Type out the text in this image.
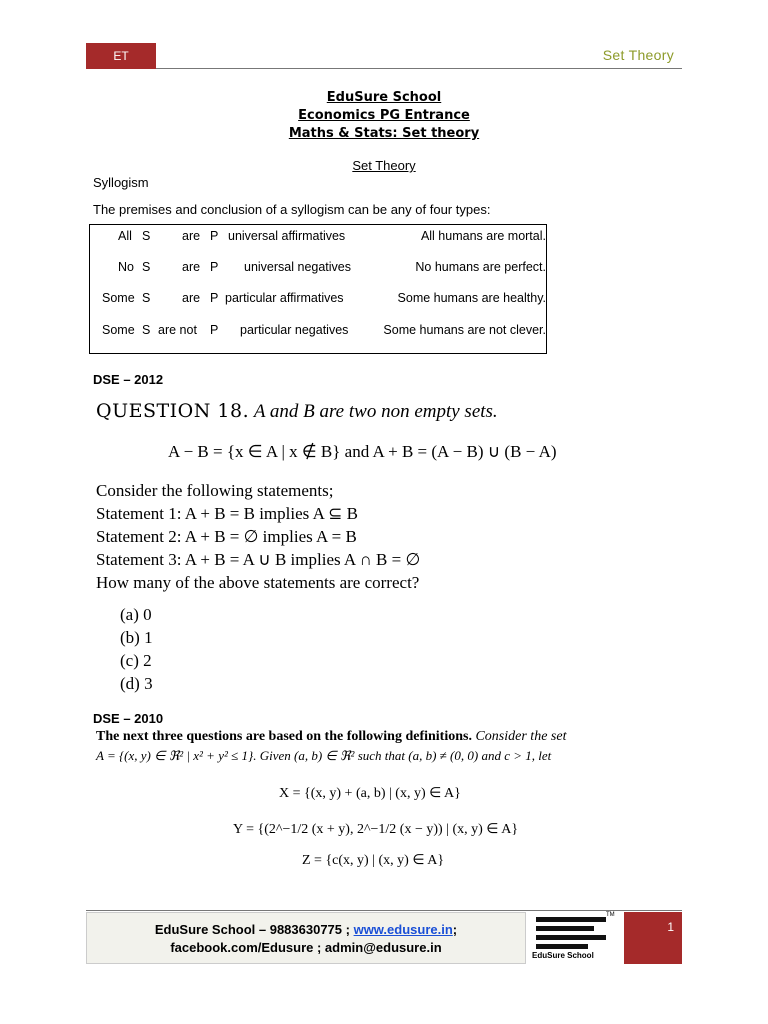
ET	Set Theory
EduSure School
Economics PG Entrance
Maths & Stats: Set theory
Set Theory
Syllogism
The premises and conclusion of a syllogism can be any of four types:
All S	are P universal affirmatives	All humans are mortal.
No S	are P universal negatives	No humans are perfect.
Some S	are P particular affirmatives	Some humans are healthy.
Some S are not P particular negatives	Some humans are not clever.
DSE – 2012
QUESTION 18. A and B are two non empty sets.
A − B = {x ∈ A | x ∉ B} and A + B = (A − B) ∪ (B − A)
Consider the following statements;
Statement 1: A + B = B implies A ⊆ B
Statement 2: A + B = ∅ implies A = B
Statement 3: A + B = A ∪ B implies A ∩ B = ∅
How many of the above statements are correct?
(a) 0
(b) 1
(c) 2
(d) 3
DSE – 2010
The next three questions are based on the following definitions. Consider the set
A = {(x, y) ∈ ℜ² | x² + y² ≤ 1}. Given (a, b) ∈ ℜ² such that (a, b) ≠ (0, 0) and c > 1, let
X = {(x, y) + (a, b) | (x, y) ∈ A}
Y = {(2^−1/2 (x + y), 2^−1/2 (x − y)) | (x, y) ∈ A}
Z = {c(x, y) | (x, y) ∈ A}
EduSure School – 9883630775 ; www.edusure.in;
facebook.com/Edusure ; admin@edusure.in
TM
EduSure School
1
